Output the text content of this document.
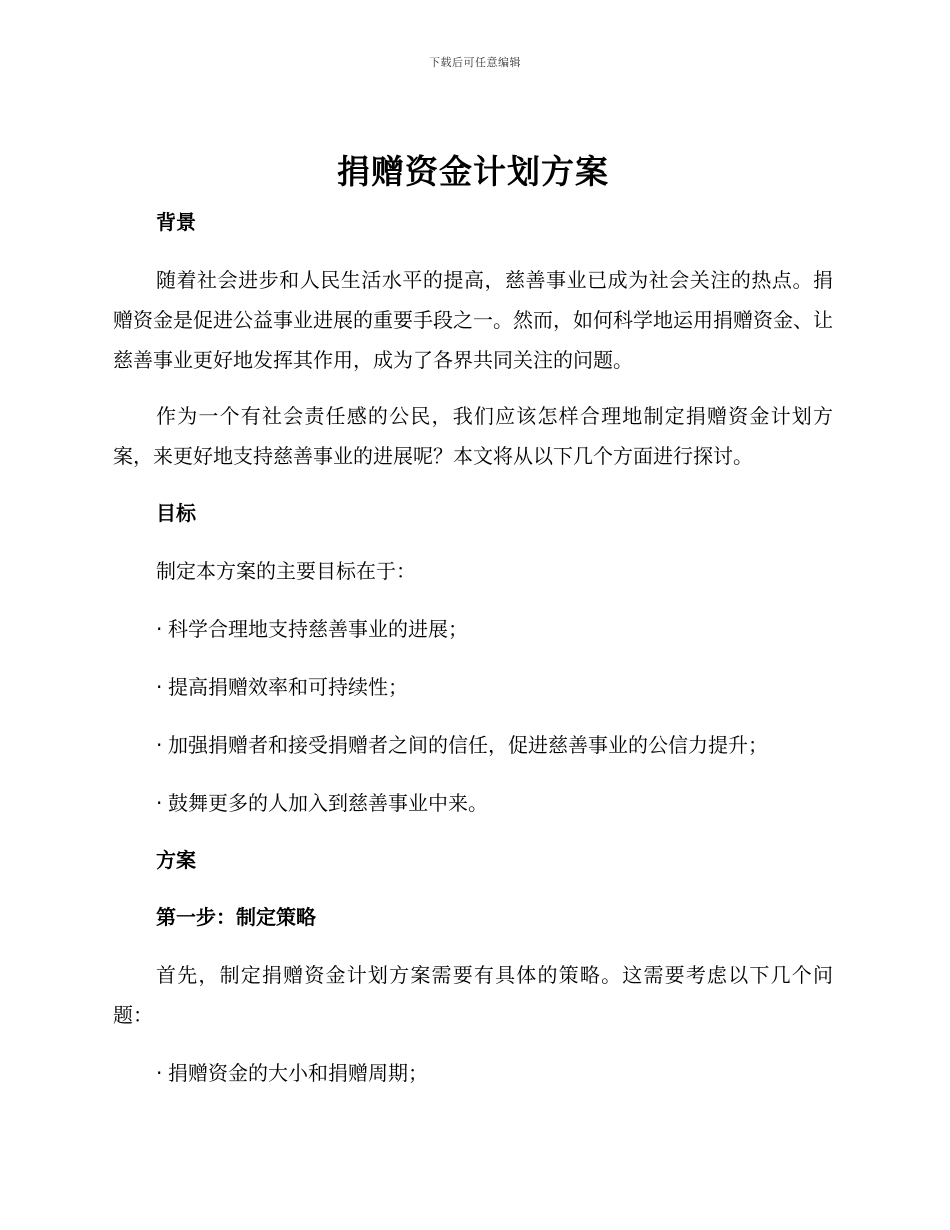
下载后可任意编辑
捐赠资金计划方案
背景

随着社会进步和人民生活水平的提高，慈善事业已成为社会关注的热点。捐赠资金是促进公益事业进展的重要手段之一。然而，如何科学地运用捐赠资金、让慈善事业更好地发挥其作用，成为了各界共同关注的问题。

作为一个有社会责任感的公民，我们应该怎样合理地制定捐赠资金计划方案，来更好地支持慈善事业的进展呢？本文将从以下几个方面进行探讨。

目标

制定本方案的主要目标在于：

· 科学合理地支持慈善事业的进展；
· 提高捐赠效率和可持续性；
· 加强捐赠者和接受捐赠者之间的信任，促进慈善事业的公信力提升；
· 鼓舞更多的人加入到慈善事业中来。
方案
第一步：制定策略

首先，制定捐赠资金计划方案需要有具体的策略。这需要考虑以下几个问题：

· 捐赠资金的大小和捐赠周期；
